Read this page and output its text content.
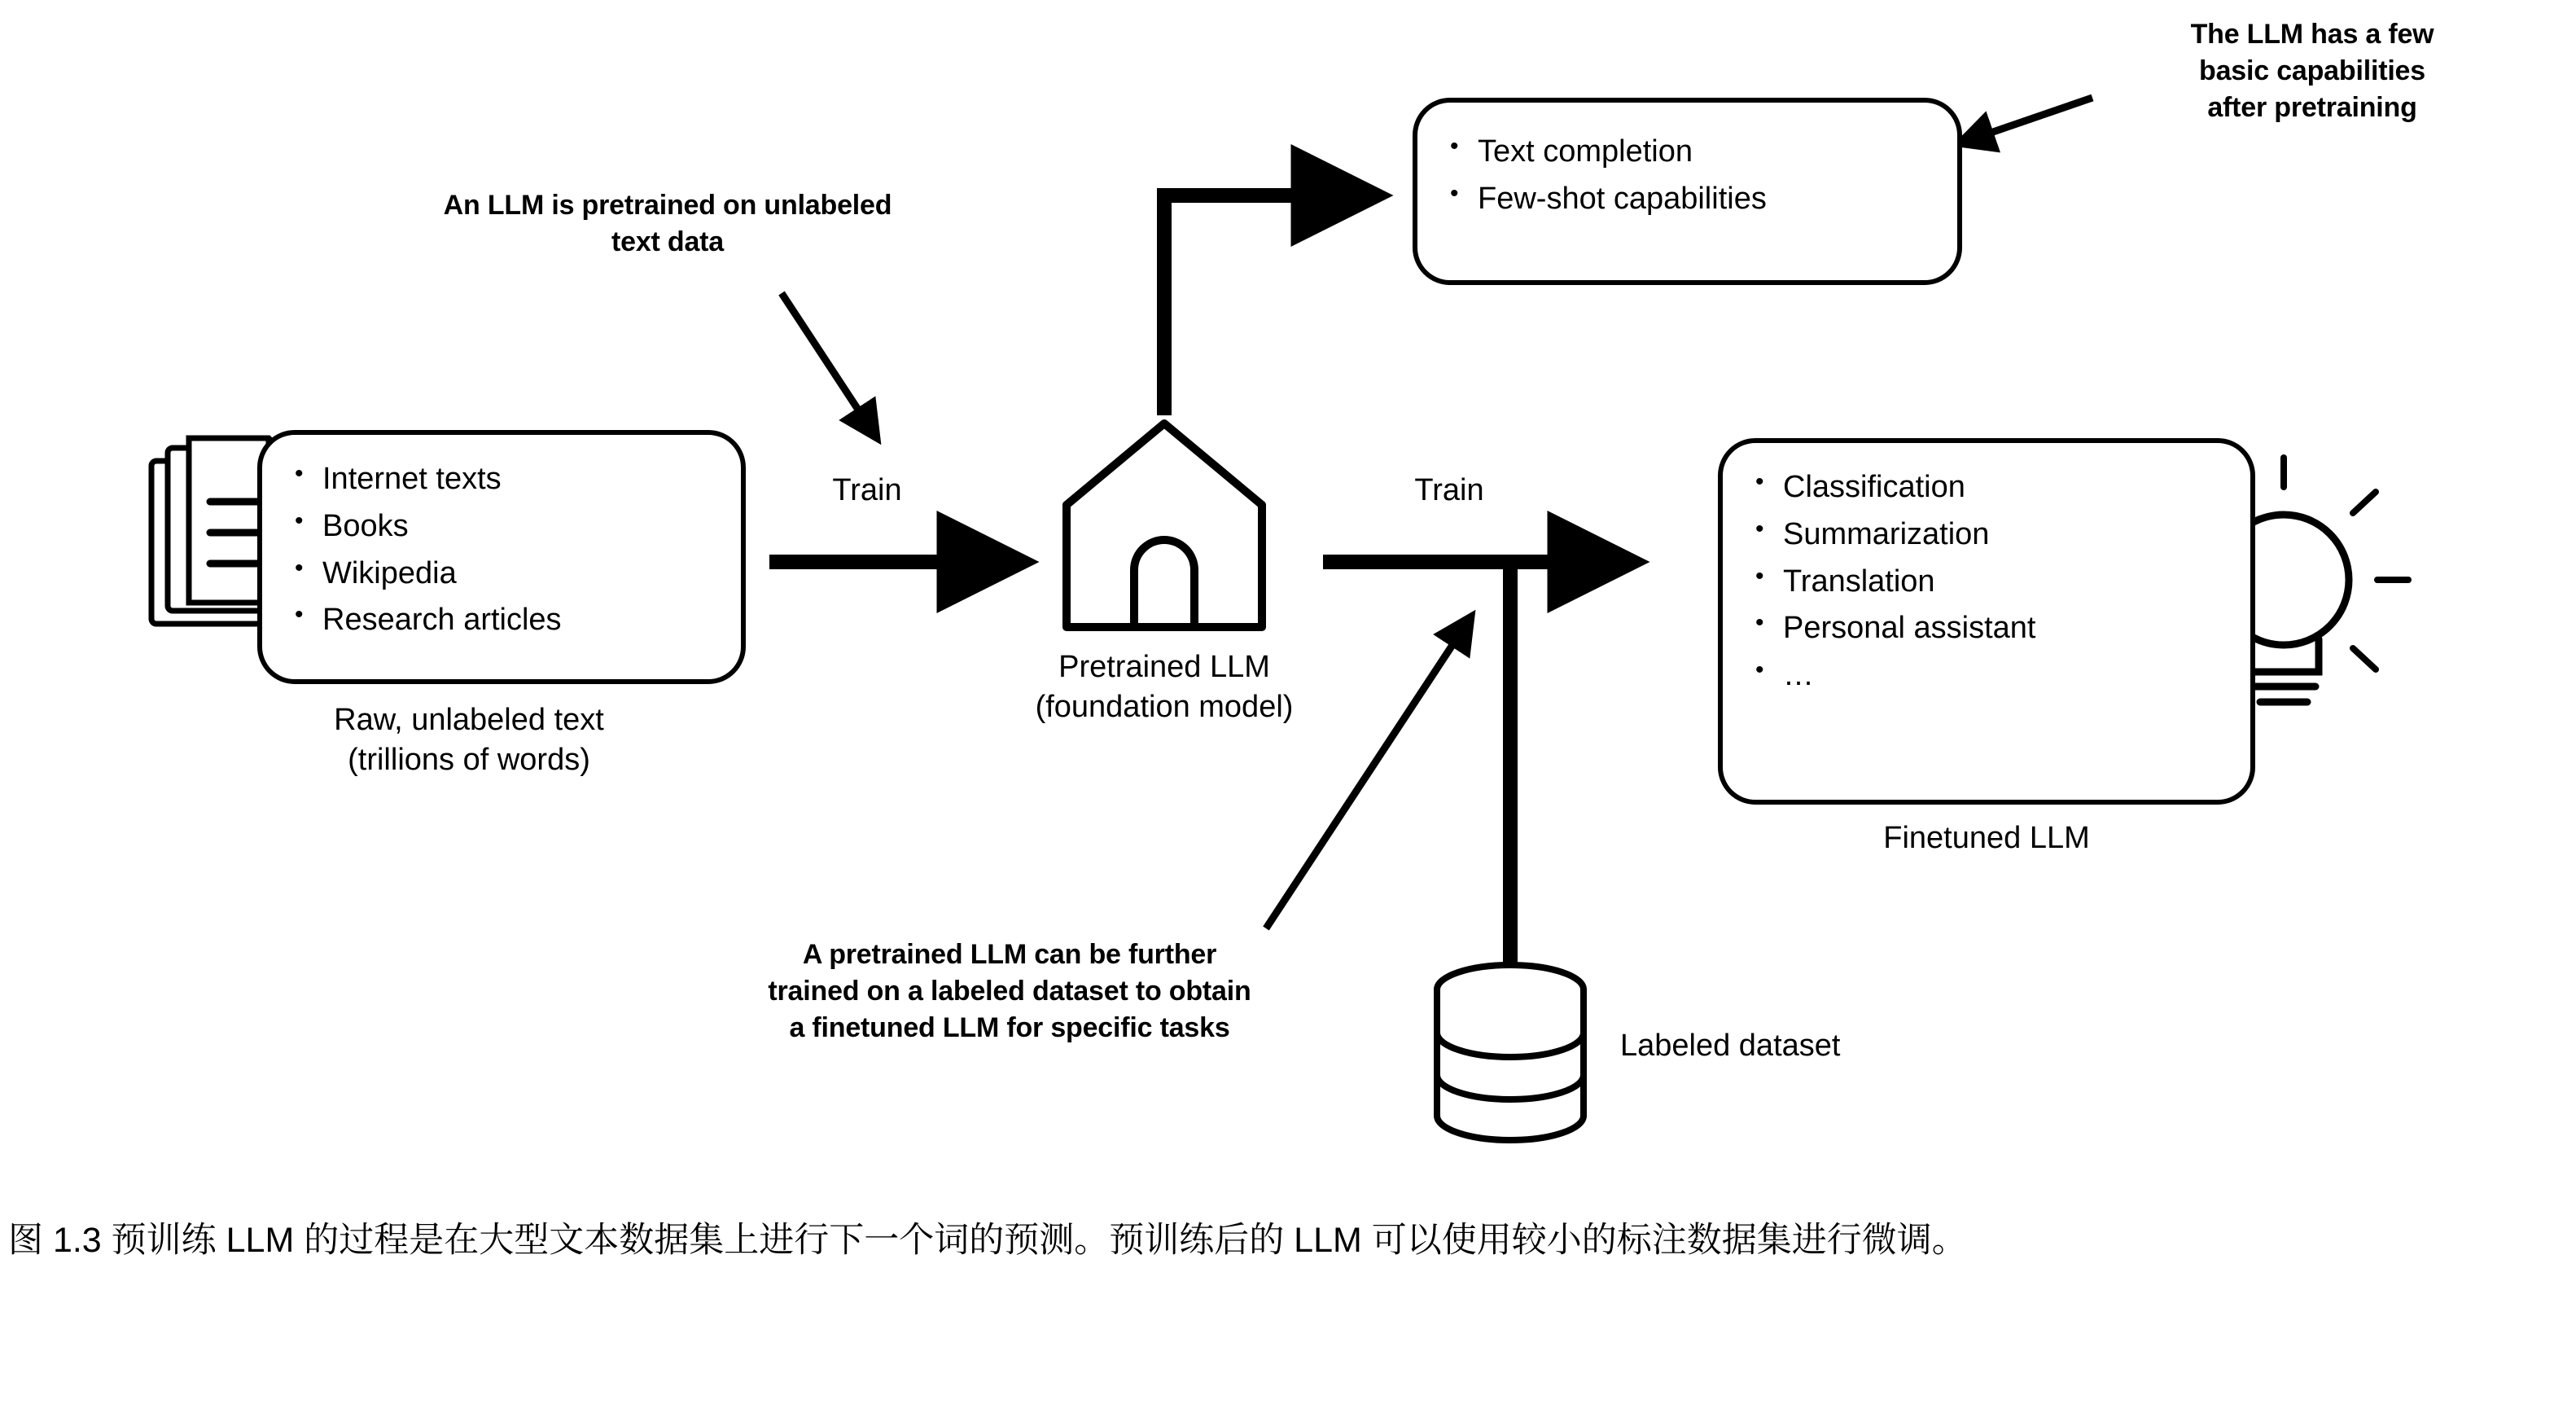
• Internet texts
• Books
• Wikipedia
• Research articles
Raw, unlabeled text
(trillions of words)
Train	Train
Pretrained LLM
(foundation model)
• Text completion
• Few-shot capabilities
• Classification
• Summarization
• Translation
• Personal assistant
• …
Finetuned LLM
Labeled dataset
An LLM is pretrained on unlabeled
text data
The LLM has a few
basic capabilities
after pretraining
A pretrained LLM can be further
trained on a labeled dataset to obtain
a finetuned LLM for specific tasks
图 1.3 预训练 LLM 的过程是在大型文本数据集上进行下一个词的预测。预训练后的 LLM 可以使用较小的标注数据集进行微调。
